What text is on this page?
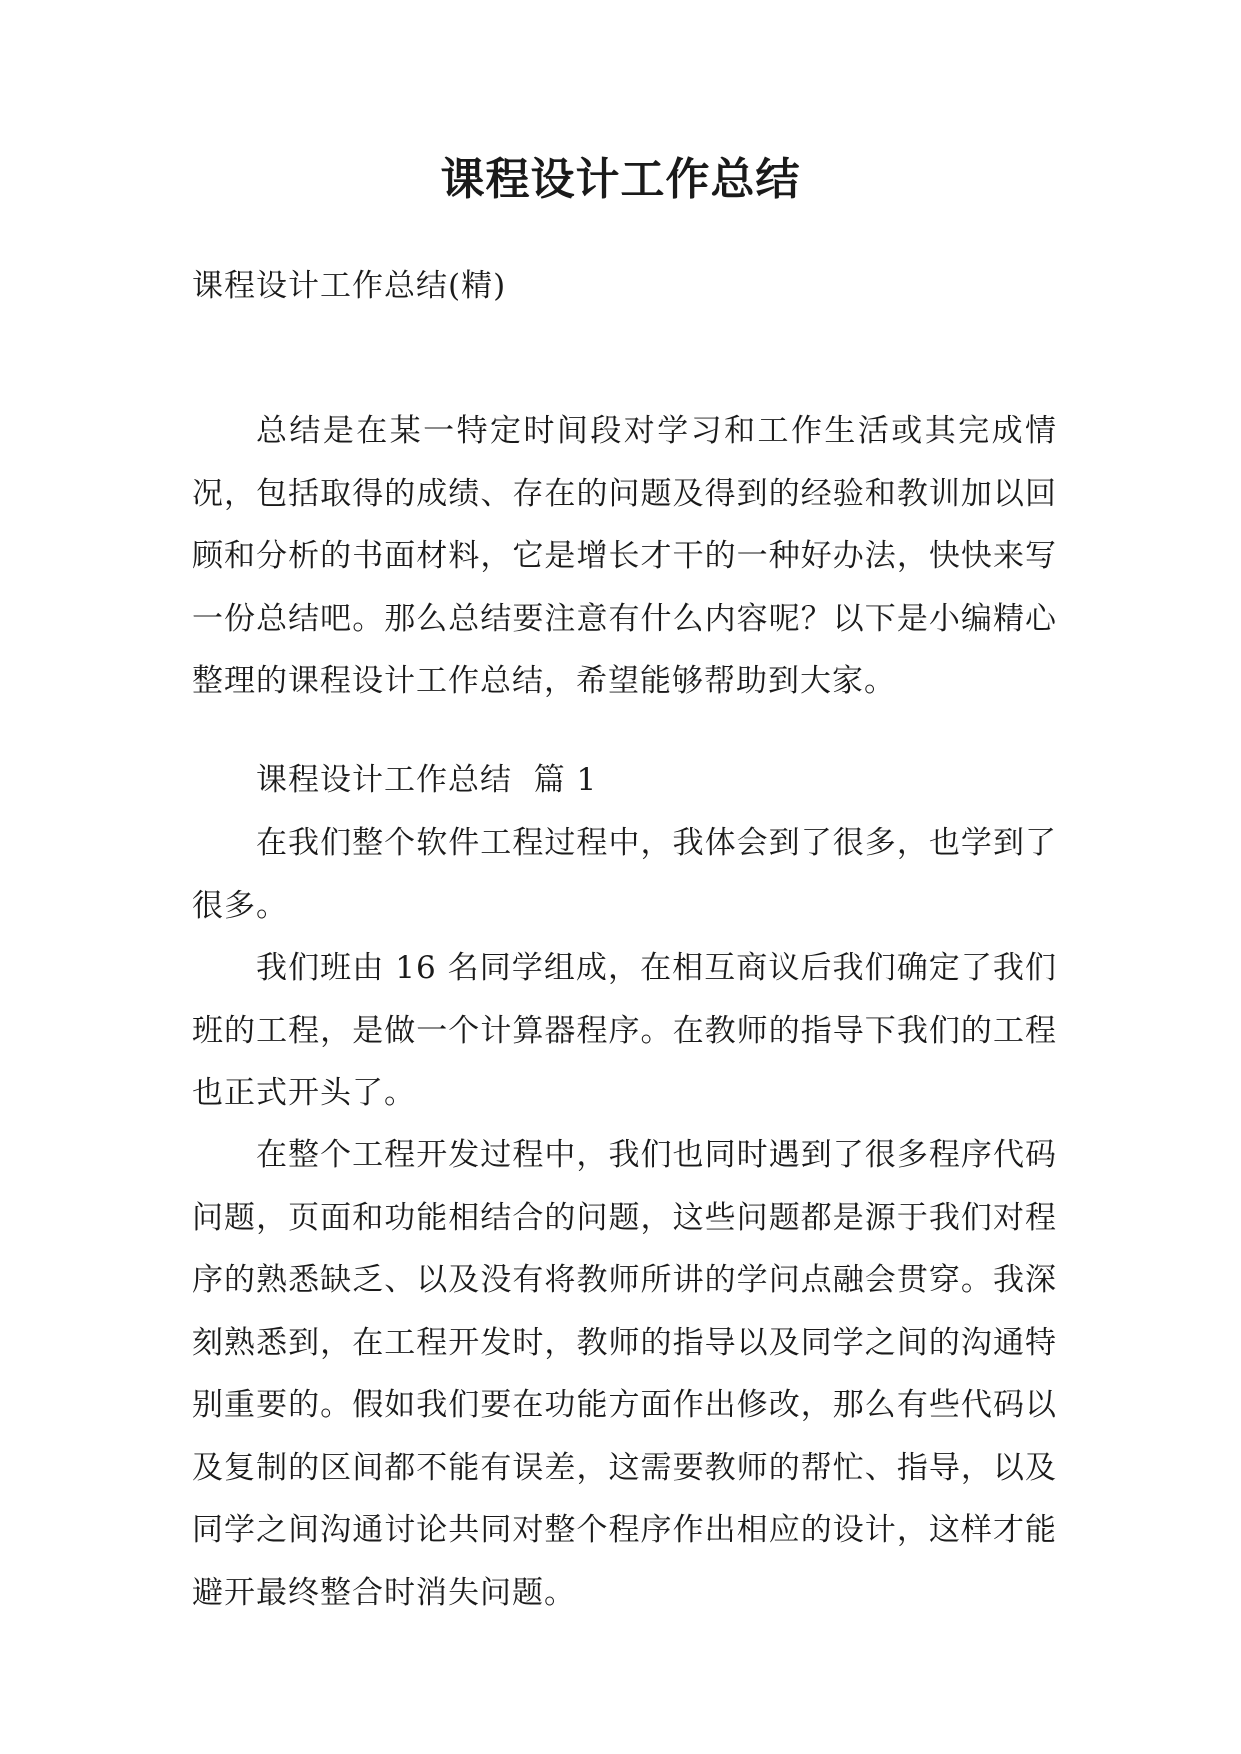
课程设计工作总结

课程设计工作总结(精)

总结是在某一特定时间段对学习和工作生活或其完成情况，包括取得的成绩、存在的问题及得到的经验和教训加以回顾和分析的书面材料，它是增长才干的一种好办法，快快来写一份总结吧。那么总结要注意有什么内容呢？以下是小编精心整理的课程设计工作总结，希望能够帮助到大家。

课程设计工作总结  篇 1

在我们整个软件工程过程中，我体会到了很多，也学到了很多。

我们班由 16 名同学组成，在相互商议后我们确定了我们班的工程，是做一个计算器程序。在教师的指导下我们的工程也正式开头了。

在整个工程开发过程中，我们也同时遇到了很多程序代码问题，页面和功能相结合的问题，这些问题都是源于我们对程序的熟悉缺乏、以及没有将教师所讲的学问点融会贯穿。我深刻熟悉到，在工程开发时，教师的指导以及同学之间的沟通特别重要的。假如我们要在功能方面作出修改，那么有些代码以及复制的区间都不能有误差，这需要教师的帮忙、指导，以及同学之间沟通讨论共同对整个程序作出相应的设计，这样才能避开最终整合时消失问题。
